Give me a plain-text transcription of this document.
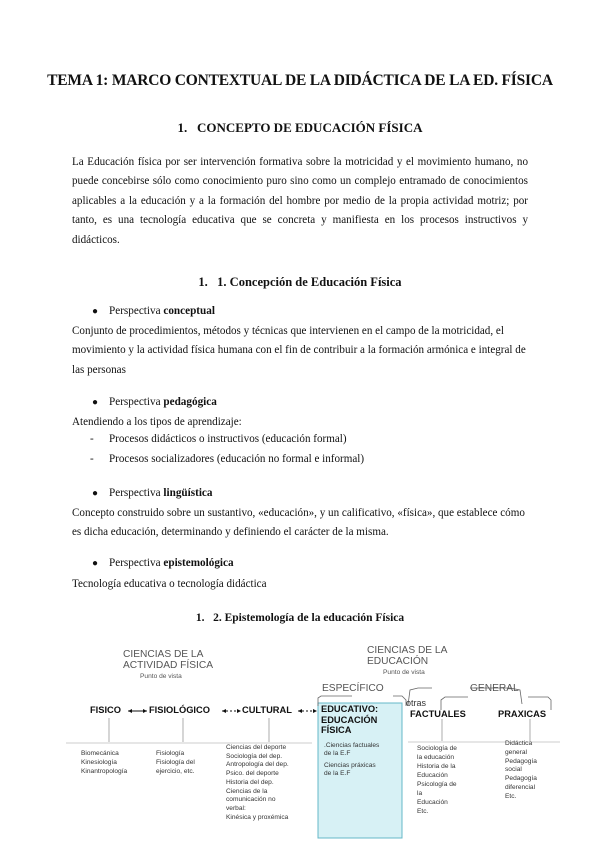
TEMA 1: MARCO CONTEXTUAL DE LA DIDÁCTICA DE LA ED. FÍSICA
1. CONCEPTO DE EDUCACIÓN FÍSICA
La Educación física por ser intervención formativa sobre la motricidad y el movimiento humano, no puede concebirse sólo como conocimiento puro sino como un complejo entramado de conocimientos aplicables a la educación y a la formación del hombre por medio de la propia actividad motriz; por tanto, es una tecnología educativa que se concreta y manifiesta en los procesos instructivos y didácticos.
1. 1. Concepción de Educación Física
● Perspectiva conceptual
Conjunto de procedimientos, métodos y técnicas que intervienen en el campo de la motricidad, el movimiento y la actividad física humana con el fin de contribuir a la formación armónica e integral de las personas
● Perspectiva pedagógica
Atendiendo a los tipos de aprendizaje:
- Procesos didácticos o instructivos (educación formal)
- Procesos socializadores (educación no formal e informal)
● Perspectiva lingüística
Concepto construido sobre un sustantivo, «educación», y un calificativo, «física», que establece cómo es dicha educación, determinando y definiendo el carácter de la misma.
● Perspectiva epistemológica
Tecnología educativa o tecnología didáctica
1. 2. Epistemología de la educación Física
CIENCIAS DE LA
ACTIVIDAD FÍSICA
Punto de vista
CIENCIAS DE LA
EDUCACIÓN
Punto de vista
ESPECÍFICO	GENERAL
otras
FISICO	FISIOLÓGICO	CULTURAL	EDUCATIVO:
EDUCACIÓN
FÍSICA
FACTUALES	PRAXICAS
Biomecánica
Kinesiología
Kinantropología
Fisiología
Fisiología del
ejercicio, etc.
Ciencias del deporte
Sociología del dep.
Antropología del dep.
Psico. del deporte
Historia del dep.
Ciencias de la
comunicación no
verbal:
Kinésica y proxémica
.Ciencias factuales
de la E.F
Ciencias práxicas
de la E.F
Sociología de
la educación
Historia de la
Educación
Psicología de
la
Educación
Etc.
Didáctica
general
Pedagogía
social
Pedagogía
diferencial
Etc.
